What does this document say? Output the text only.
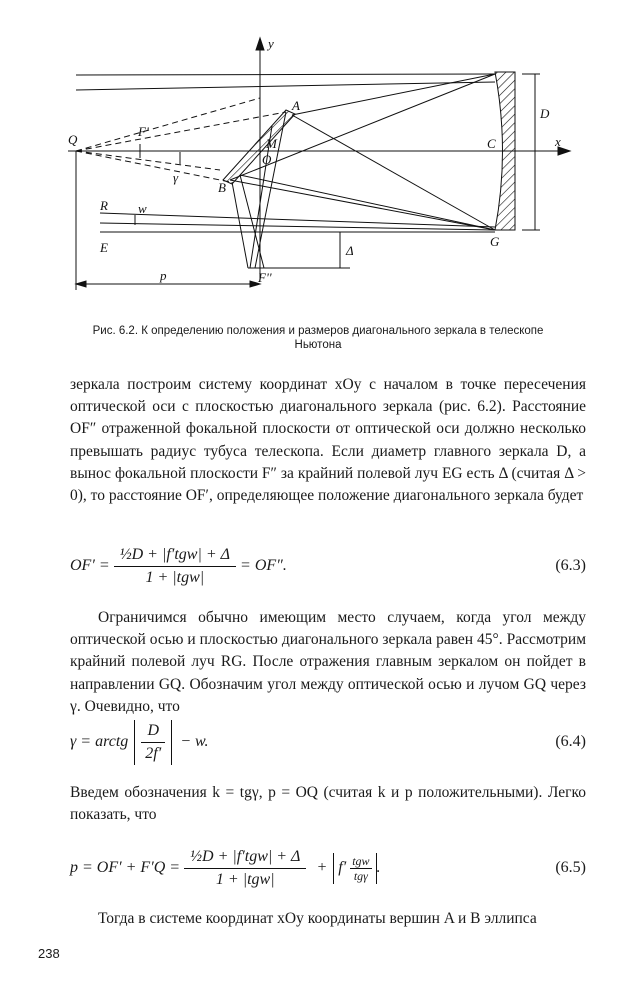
y
x
Q
F'
A
M
O
B
γ
C
D
R w
E	G
p	F''
Δ
Рис. 6.2. К определению положения и размеров диагонального зеркала в телескопе
Ньютона

зеркала построим систему координат xOy с началом в точке пересечения оптической оси с плоскостью диагонального зеркала (рис. 6.2). Расстояние OF″ отраженной фокальной плоскости от оптической оси должно несколько превышать радиус тубуса телескопа. Если диаметр главного зеркала D, а вынос фокальной плоскости F″ за крайний полевой луч EG есть Δ (считая Δ > 0), то расстояние OF′, определяющее положение диагонального зеркала будет

$OF' = \frac{\text{½D + |f′tgw| + Δ}}{\text{1 + |tgw|}} = OF''$.	(6.3)

Ограничимся обычно имеющим место случаем, когда угол между оптической осью и плоскостью диагонального зеркала равен 45°. Рассмотрим крайний полевой луч RG. После отражения главным зеркалом он пойдет в направлении GQ. Обозначим угол между оптической осью и лучом GQ через γ. Очевидно, что

γ = arctg $\frac{D}{2f'} - w$.	(6.4)

Введем обозначения k = tgγ, p = OQ (считая k и p положительными). Легко показать, что

$p = OF' + F'Q = \frac{\text{½D + |f′tgw| + Δ}}{\text{1 + |tgw|}} + f' \frac{\text{tgw}}{\text{tgγ}}$ .	(6.5)

Тогда в системе координат xOy координаты вершин A и B эллипса

238
